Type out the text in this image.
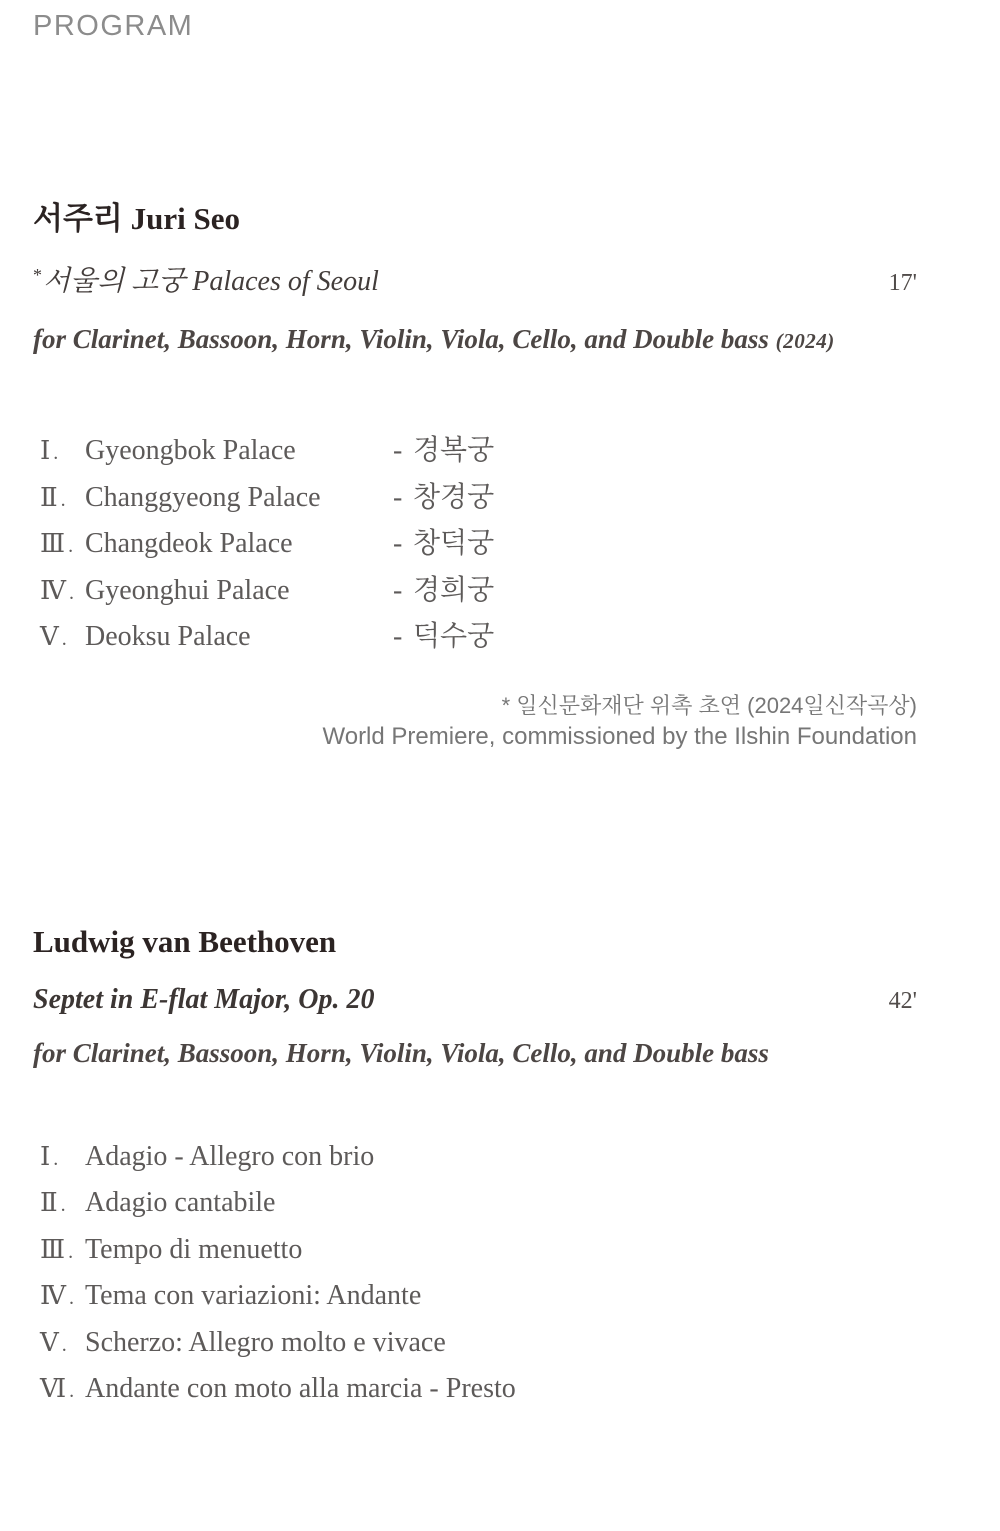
PROGRAM
서주리 Juri Seo
*서울의 고궁 Palaces of Seoul	17'
for Clarinet, Bassoon, Horn, Violin, Viola, Cello, and Double bass (2024)
Ⅰ . Gyeongbok Palace	- 경복궁
Ⅱ . Changgyeong Palace	- 창경궁
Ⅲ . Changdeok Palace	- 창덕궁
Ⅳ . Gyeonghui Palace	- 경희궁
Ⅴ . Deoksu Palace	- 덕수궁
* 일신문화재단 위촉 초연 (2024일신작곡상)
World Premiere, commissioned by the Ilshin Foundation
Ludwig van Beethoven
Septet in E-flat Major, Op. 20	42'
for Clarinet, Bassoon, Horn, Violin, Viola, Cello, and Double bass
Ⅰ . Adagio - Allegro con brio
Ⅱ . Adagio cantabile
Ⅲ . Tempo di menuetto
Ⅳ . Tema con variazioni: Andante
Ⅴ . Scherzo: Allegro molto e vivace
Ⅵ . Andante con moto alla marcia - Presto
